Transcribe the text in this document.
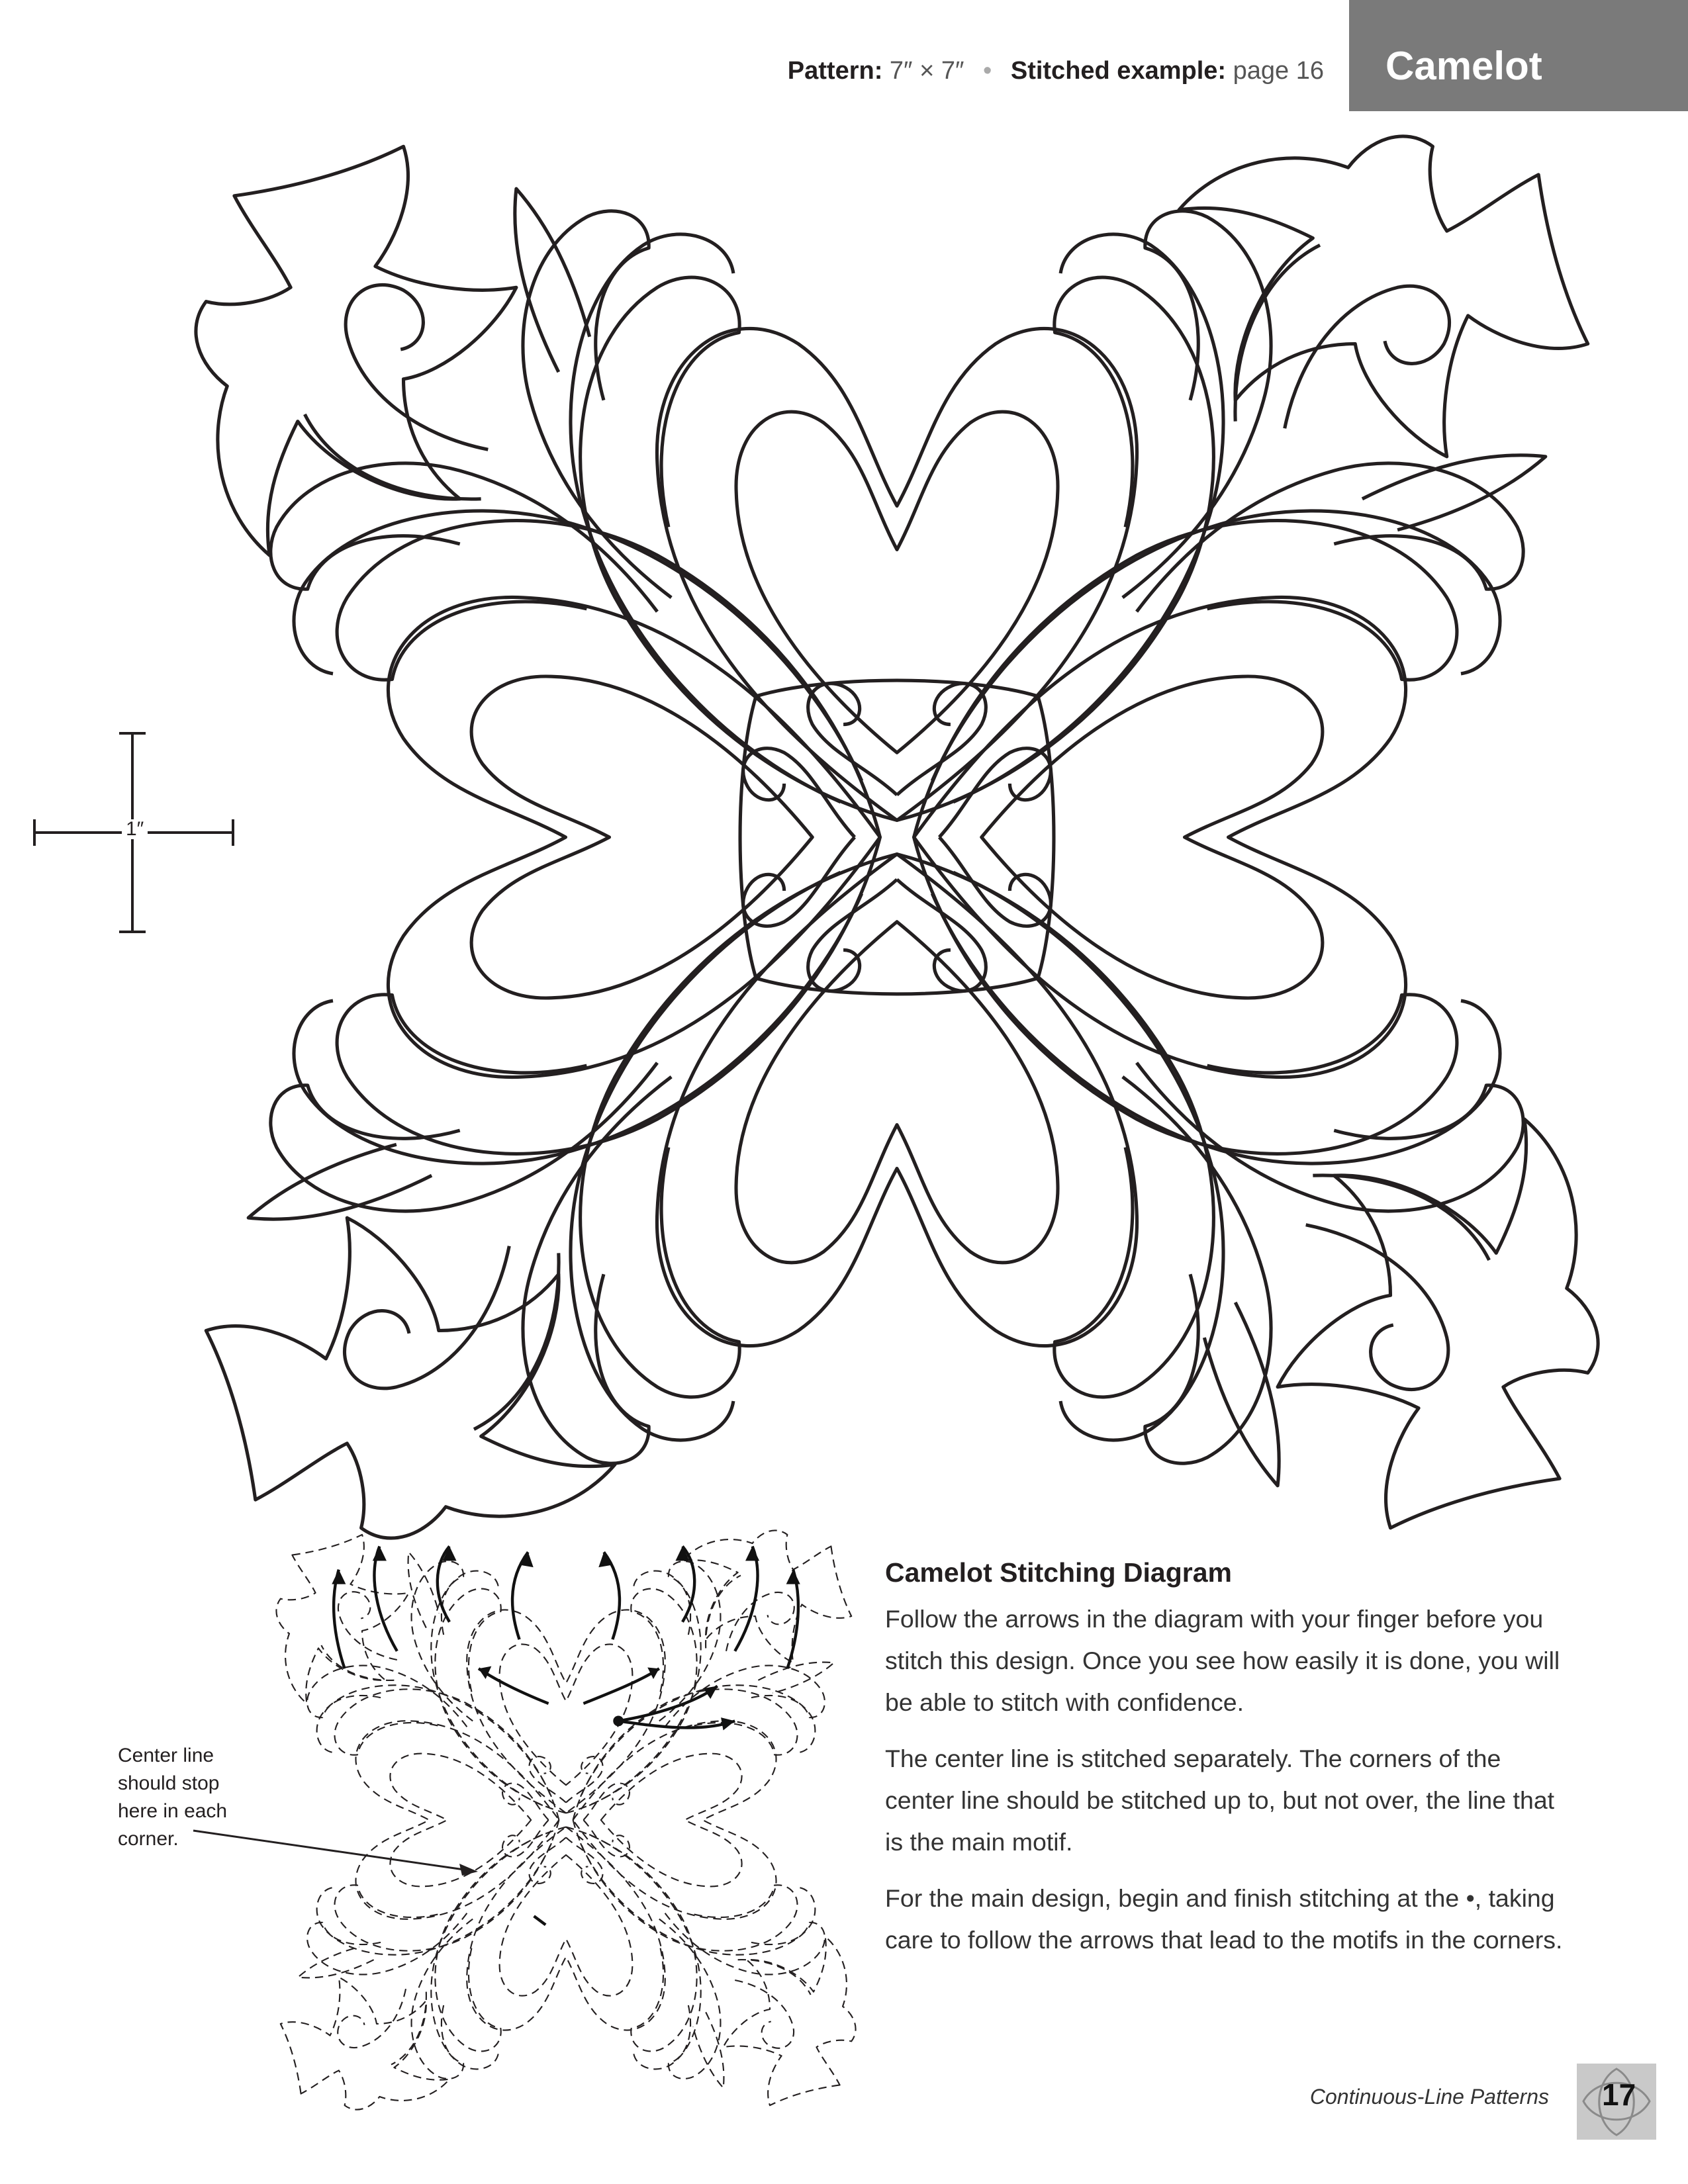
Pattern: 7″ × 7″ • Stitched example: page 16 Camelot
1″
Center line should stop here in each corner.
Camelot Stitching Diagram

Follow the arrows in the diagram with your finger before you stitch this design. Once you see how easily it is done, you will be able to stitch with confidence.

The center line is stitched separately. The corners of the center line should be stitched up to, but not over, the line that is the main motif.

For the main design, begin and finish stitching at the •, taking care to follow the arrows that lead to the motifs in the corners.

Continuous-Line Patterns 17
